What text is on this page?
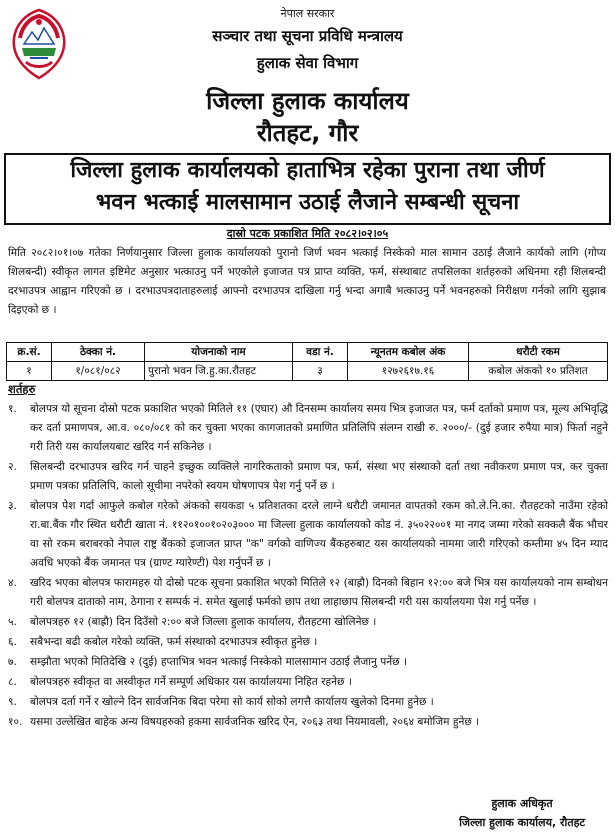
नेपाल सरकार
सञ्चार तथा सूचना प्रविधि मन्त्रालय
हुलाक सेवा विभाग
जिल्ला हुलाक कार्यालय
रौतहट, गौर
जिल्ला हुलाक कार्यालयको हाताभित्र रहेका पुराना तथा जीर्ण
भवन भत्काई मालसामान उठाई लैजाने सम्बन्धी सूचना
दास्रो पटक प्रकाशित मिति २०८२।०२।०५
मिति २०८२।०१।०७ गतेका निर्णयानुसार जिल्ला हुलाक कार्यालयको पुरानो जिर्ण भवन भत्काई निस्केको माल सामान उठाई लैजाने कार्यको लागि (गोप्य शिलबन्दी) स्वीकृत लागत इष्टिमेट अनुसार भत्काउनु पर्ने भएकोले इजाजत पत्र प्राप्त व्यक्ति, फर्म, संस्थाबाट तपसिलका शर्तहरुको अधिनमा रही शिलबन्दी दरभाउपत्र आह्वान गरिएको छ । दरभाउपत्रदाताहरुलाई आफ्नो दरभाउपत्र दाखिला गर्नु भन्दा अगाबै भत्काउनु पर्ने भवनहरुको निरीक्षण गर्नको लागि सुझाब दिइएको छ ।
क्र.सं.	ठेक्का नं.	योजनाको नाम	वडा नं.	न्यूनतम कबोल अंक	धरौटी रकम
१	१/०८१/०८२	पुरानो भवन जि.हु.का.रौतहट	३	१२७२६१७.१६	कबोल अंकको १० प्रतिशत
शर्तहरु
१. बोलपत्र यो सूचना दोस्रो पटक प्रकाशित भएको मितिले ११ (एघार) औ दिनसम्म कार्यालय समय भित्र इजाजत पत्र, फर्म दर्ताको प्रमाण पत्र, मूल्य अभिवृद्धि कर दर्ता प्रमाणपत्र, आ.व. ०८०/०८१ को कर चुक्ता भएका कागजातको प्रमाणित प्रतिलिपि संलग्न राखी रु. २०००/- (दुई हजार रुपैया मात्र) फिर्ता नहुने गरी तिरी यस कार्यालयबाट खरिद गर्न सकिनेछ ।
२. सिलबन्दी दरभाउपत्र खरिद गर्न चाहने इच्छुक व्यक्तिले नागरिकताको प्रमाण पत्र, फर्म, संस्था भए संस्थाको दर्ता तथा नवीकरण प्रमाण पत्र, कर चुक्ता प्रमाण पत्रका प्रतिलिपि, कालो सूचीमा नपरेको स्वयम घोषणापत्र पेश गर्नु पर्ने छ ।
३. बोलपत्र पेश गर्दा आफुले कबोल गरेको अंकको सयकडा ५ प्रतिशतका दरले लाग्ने धरौटी जमानत वापतको रकम को.ले.नि.का. रौतहटको नाउँमा रहेको रा.बा.बैंक गौर स्थित धरौटी खाता नं. ११२०१००१०२०३००० मा जिल्ला हुलाक कार्यालयको कोड नं. ३५०२२००१ मा नगद जम्मा गरेको सक्कलै बैंक भौचर वा सो रकम बराबरको नेपाल राष्ट्र बैंकको इजाजत प्राप्त "क" वर्गको वाणिज्य बैंकहरुबाट यस कार्यालयको नाममा जारी गरिएको कम्तीमा ४५ दिन म्याद अवधि भएको बैंक जमानत पत्र (ग्राण्ट ग्यारेण्टी) पेश गर्नुपर्ने छ ।
४. खरिद भएका बोलपत्र फारामहरु यो दोस्रो पटक सूचना प्रकाशित भएको मितिले १२ (बाह्रौ) दिनको बिहान १२:०० बजे भित्र यस कार्यालयको नाम सम्बोधन गरी बोलपत्र दाताको नाम, ठेगाना र सम्पर्क नं. समेत खुलाई फर्मको छाप तथा लाहाछाप सिलबन्दी गरी यस कार्यालयमा पेश गर्नु पर्नेछ ।
५. बोलपत्रहरु १२ (बाह्रौ) दिन दिउँसो २:०० बजे जिल्ला हुलाक कार्यालय, रौतहटमा खोलिनेछ ।
६. सबैभन्दा बढी कबोल गरेको व्यक्ति, फर्म संस्थाको दरभाउपत्र स्वीकृत हुनेछ ।
७. सम्झौता भएको मितिदेखि २ (दुई) हप्ताभित्र भवन भत्काई निस्केको मालसामान उठाई लैजानु पर्नेछ ।
८. बोलपत्रहरु स्वीकृत वा अस्वीकृत गर्ने सम्पूर्ण अधिकार यस कार्यालयमा निहित रहनेछ ।
९. बोलपत्र दर्ता गर्ने र खोल्ने दिन सार्वजनिक बिदा परेमा सो कार्य सोको लगत्तै कार्यालय खुलेको दिनमा हुनेछ ।
१०. यसमा उल्लेखित बाहेक अन्य विषयहरुको हकमा सार्वजनिक खरिद ऐन, २०६३ तथा नियमावली, २०६४ बमोजिम हुनेछ ।
हुलाक अधिकृत
जिल्ला हुलाक कार्यालय, रौतहट
